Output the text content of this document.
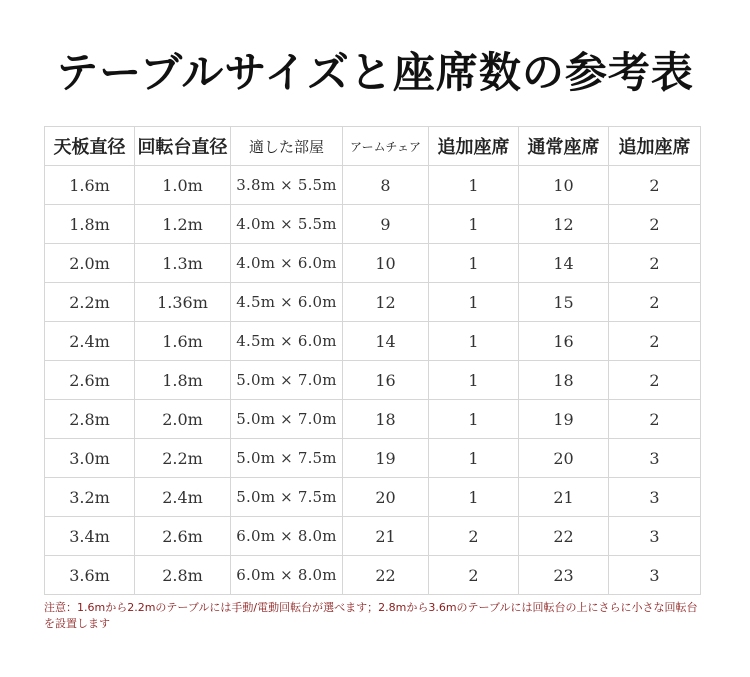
テーブルサイズと座席数の参考表
天板直径	回転台直径	適した部屋	アームチェア	追加座席	通常座席	追加座席
1.6m	1.0m	3.8m × 5.5m	8	1	10	2
1.8m	1.2m	4.0m × 5.5m	9	1	12	2
2.0m	1.3m	4.0m × 6.0m	10	1	14	2
2.2m	1.36m	4.5m × 6.0m	12	1	15	2
2.4m	1.6m	4.5m × 6.0m	14	1	16	2
2.6m	1.8m	5.0m × 7.0m	16	1	18	2
2.8m	2.0m	5.0m × 7.0m	18	1	19	2
3.0m	2.2m	5.0m × 7.5m	19	1	20	3
3.2m	2.4m	5.0m × 7.5m	20	1	21	3
3.4m	2.6m	6.0m × 8.0m	21	2	22	3
3.6m	2.8m	6.0m × 8.0m	22	2	23	3
注意：1.6mから2.2mのテーブルには手動/電動回転台が選べます；2.8mから3.6mのテーブルには回転台の上にさらに小さな回転台を設置します
